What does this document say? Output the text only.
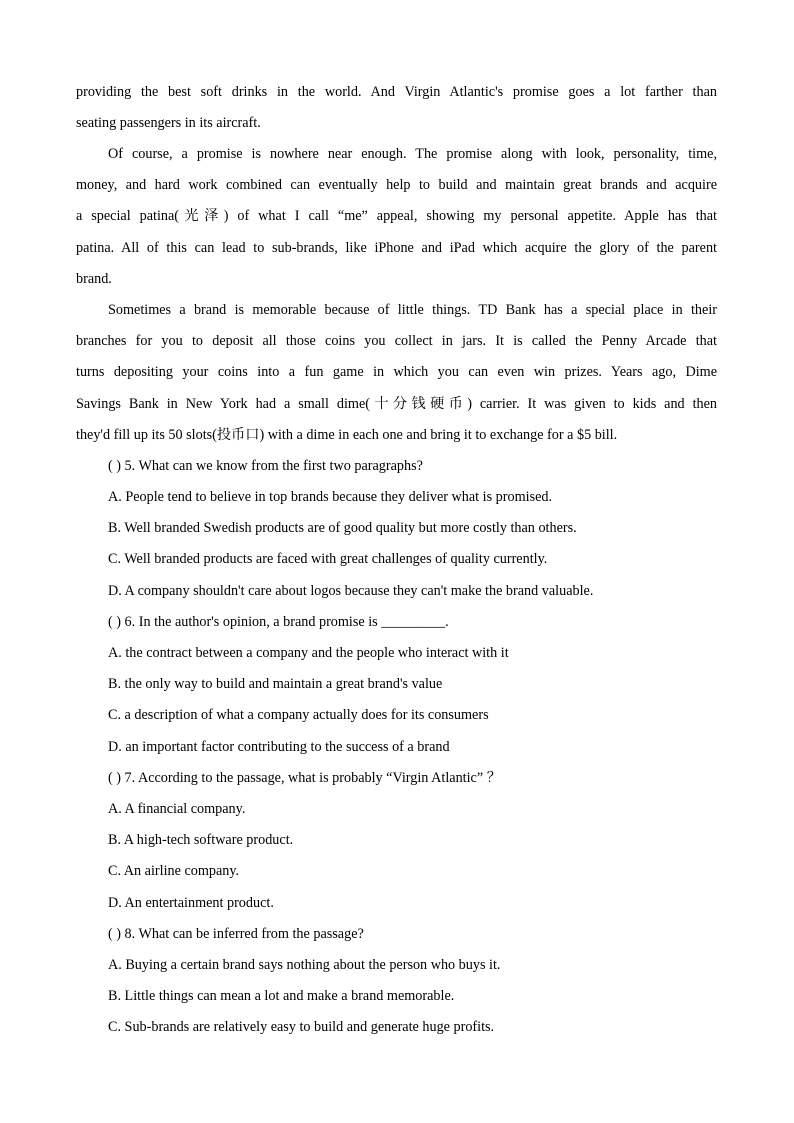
providing the best soft drinks in the world. And Virgin Atlantic's promise goes a lot farther than
seating passengers in its aircraft.
Of course, a promise is nowhere near enough. The promise along with look, personality, time,
money, and hard work combined can eventually help to build and maintain great brands and acquire
a special patina(光泽) of what I call “me” appeal, showing my personal appetite. Apple has that
patina. All of this can lead to sub-brands, like iPhone and iPad which acquire the glory of the parent
brand.
Sometimes a brand is memorable because of little things. TD Bank has a special place in their
branches for you to deposit all those coins you collect in jars. It is called the Penny Arcade that
turns depositing your coins into a fun game in which you can even win prizes. Years ago, Dime
Savings Bank in New York had a small dime(十分钱硬币) carrier. It was given to kids and then
they'd fill up its 50 slots(投币口) with a dime in each one and bring it to exchange for a $5 bill.
( ) 5. What can we know from the first two paragraphs?
A. People tend to believe in top brands because they deliver what is promised.
B. Well branded Swedish products are of good quality but more costly than others.
C. Well branded products are faced with great challenges of quality currently.
D. A company shouldn't care about logos because they can't make the brand valuable.
( ) 6. In the author's opinion, a brand promise is _________.
A. the contract between a company and the people who interact with it
B. the only way to build and maintain a great brand's value
C. a description of what a company actually does for its consumers
D. an important factor contributing to the success of a brand
( ) 7. According to the passage, what is probably “Virgin Atlantic” ？
A. A financial company.
B. A high-tech software product.
C. An airline company.
D. An entertainment product.
( ) 8. What can be inferred from the passage?
A. Buying a certain brand says nothing about the person who buys it.
B. Little things can mean a lot and make a brand memorable.
C. Sub-brands are relatively easy to build and generate huge profits.
